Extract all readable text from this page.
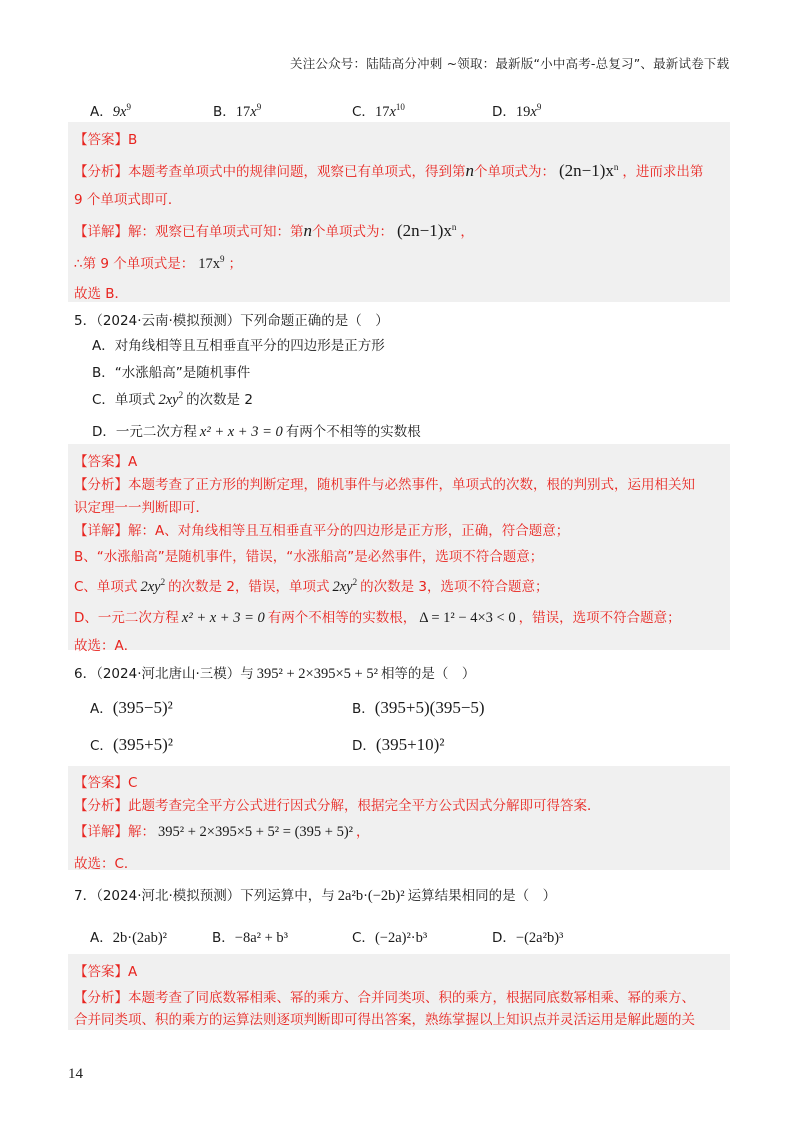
关注公众号：陆陆高分冲刺 ~领取：最新版“小中高考-总复习”、最新试卷下载
A．$9x^9$	B．$17x^9$	C．$17x^{10}$	D．$19x^9$
【答案】B
【分析】本题考查单项式中的规律问题，观察已有单项式，得到第n个单项式为： $(2n-1)x^n$ ，进而求出第
9 个单项式即可．
【详解】解：观察已有单项式可知：第n个单项式为： $(2n-1)x^n$ ，
∴第 9 个单项式是： $17x^9$ ；
故选 B．
5．（2024·云南·模拟预测）下列命题正确的是（　）
A．对角线相等且互相垂直平分的四边形是正方形
B．“水涨船高”是随机事件
C．单项式 $2xy^2$ 的次数是 2
D．一元二次方程 x² + x + 3 = 0 有两个不相等的实数根
【答案】A
【分析】本题考查了正方形的判断定理，随机事件与必然事件，单项式的次数，根的判别式，运用相关知
识定理一一判断即可．
【详解】解：A、对角线相等且互相垂直平分的四边形是正方形，正确，符合题意；
B、“水涨船高”是随机事件，错误，“水涨船高”是必然事件，选项不符合题意；
C、单项式 $2xy^2$ 的次数是 2，错误，单项式 $2xy^2$ 的次数是 3，选项不符合题意；
D、一元二次方程 x² + x + 3 = 0 有两个不相等的实数根， Δ = 1² − 4×3 < 0 ，错误，选项不符合题意；
故选：A．
6．（2024·河北唐山·三模）与 395² + 2×395×5 + 5² 相等的是（　）
A．(395−5)²	B．(395+5)(395−5)
C．(395+5)²	D．(395+10)²
【答案】C
【分析】此题考查完全平方公式进行因式分解，根据完全平方公式因式分解即可得答案．
【详解】解： 395² + 2×395×5 + 5² = (395 + 5)² ，
故选：C．
7．（2024·河北·模拟预测）下列运算中，与 2a²b·(−2b)² 运算结果相同的是（　）
A．2b·(2ab)²	B．−8a² + b³	C．(−2a)²·b³	D．−(2a²b)³
【答案】A
【分析】本题考查了同底数幂相乘、幂的乘方、合并同类项、积的乘方，根据同底数幂相乘、幂的乘方、
合并同类项、积的乘方的运算法则逐项判断即可得出答案，熟练掌握以上知识点并灵活运用是解此题的关
14
